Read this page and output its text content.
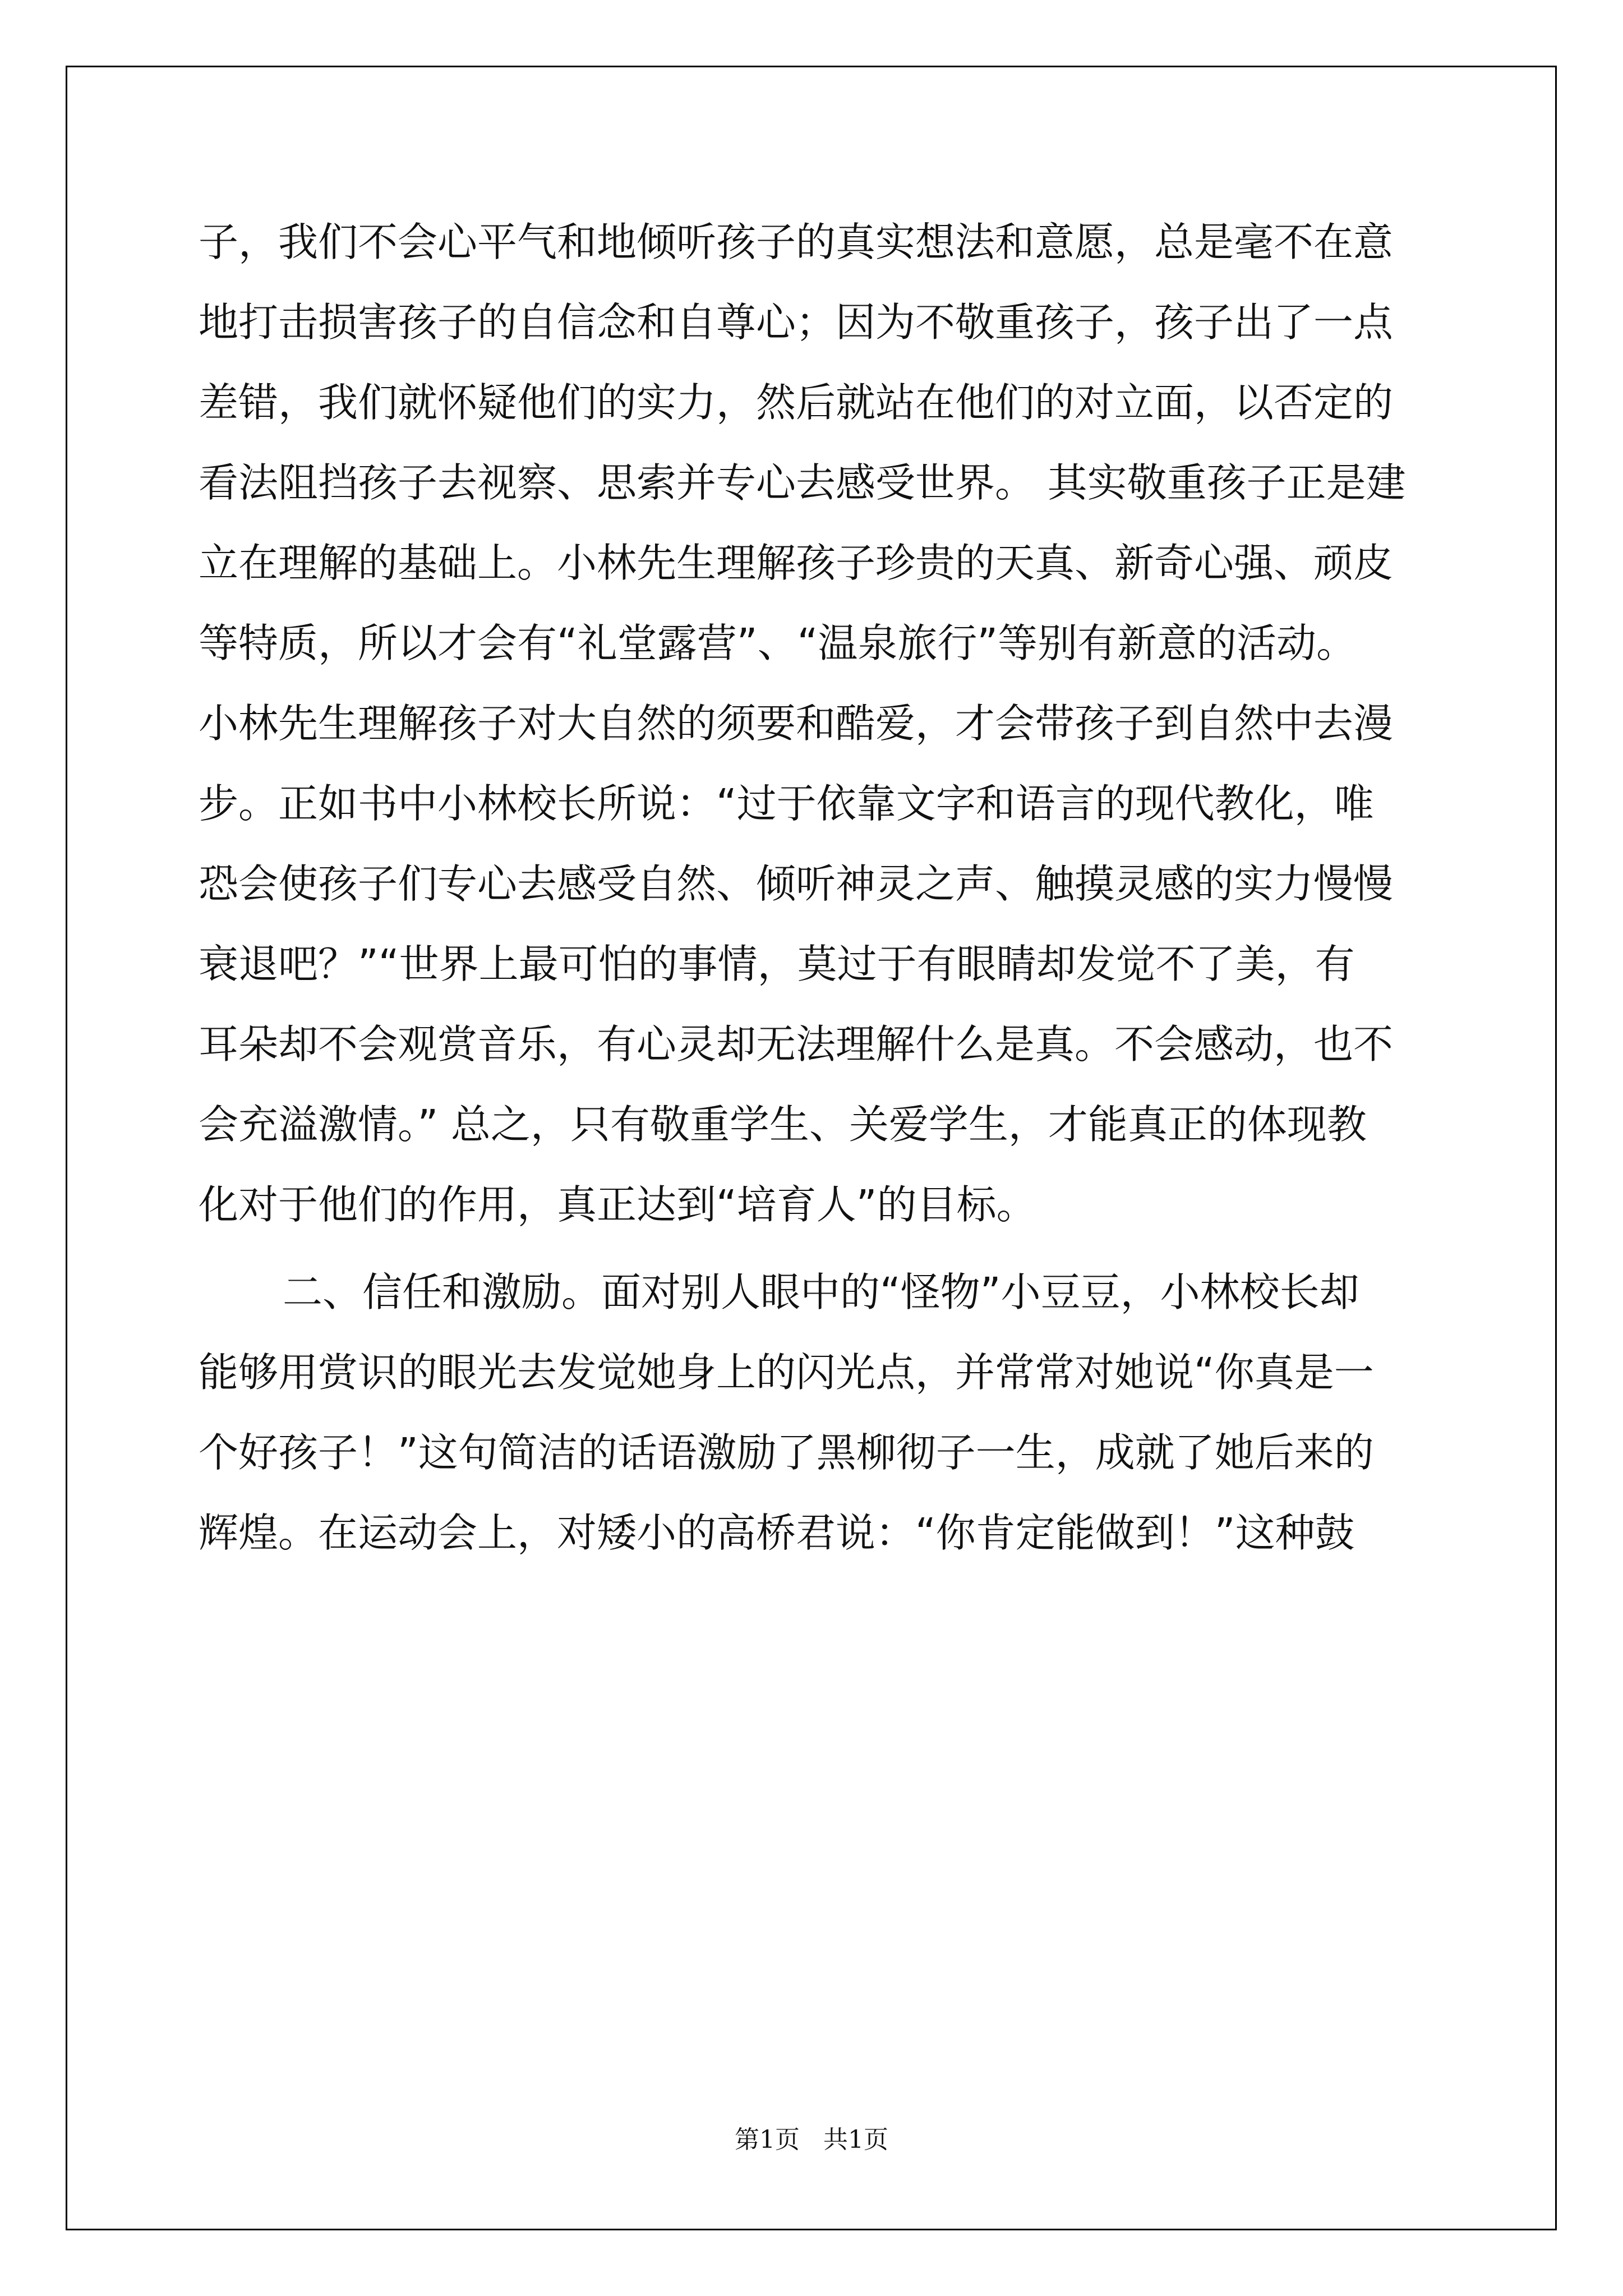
子，我们不会心平气和地倾听孩子的真实想法和意愿，总是毫不在意
地打击损害孩子的自信念和自尊心；因为不敬重孩子，孩子出了一点
差错，我们就怀疑他们的实力，然后就站在他们的对立面，以否定的
看法阻挡孩子去视察、思索并专心去感受世界。 其实敬重孩子正是建
立在理解的基础上。小林先生理解孩子珍贵的天真、新奇心强、顽皮
等特质，所以才会有“礼堂露营”、“温泉旅行”等别有新意的活动。
小林先生理解孩子对大自然的须要和酷爱，才会带孩子到自然中去漫
步。正如书中小林校长所说：“过于依靠文字和语言的现代教化，唯
恐会使孩子们专心去感受自然、倾听神灵之声、触摸灵感的实力慢慢
衰退吧？”“世界上最可怕的事情，莫过于有眼睛却发觉不了美，有
耳朵却不会观赏音乐，有心灵却无法理解什么是真。不会感动，也不
会充溢激情。” 总之，只有敬重学生、关爱学生，才能真正的体现教
化对于他们的作用，真正达到“培育人”的目标。
二、信任和激励。面对别人眼中的“怪物”小豆豆，小林校长却
能够用赏识的眼光去发觉她身上的闪光点，并常常对她说“你真是一
个好孩子！”这句简洁的话语激励了黑柳彻子一生，成就了她后来的
辉煌。在运动会上，对矮小的高桥君说：“你肯定能做到！”这种鼓
第1页 共1页
